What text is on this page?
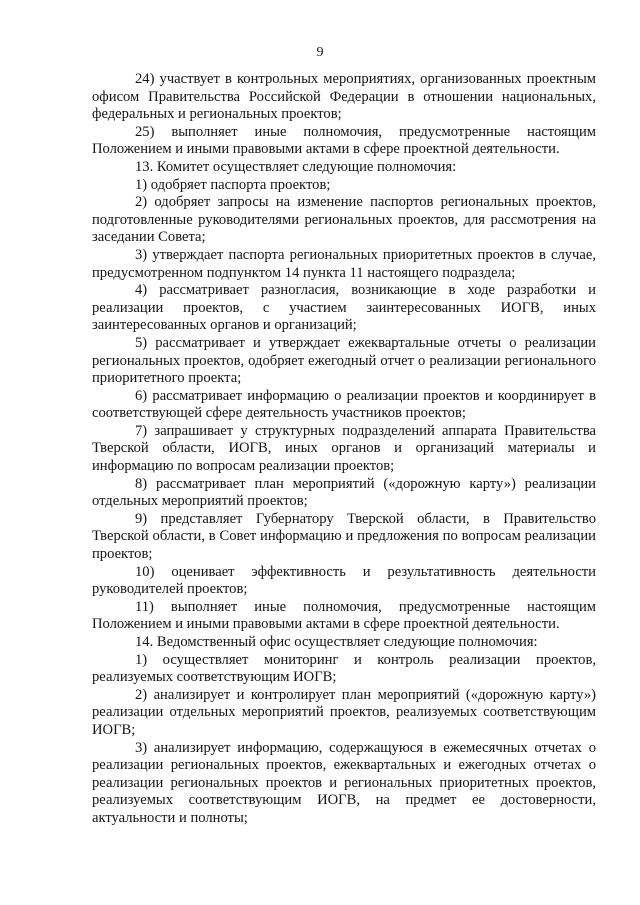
9

24) участвует в контрольных мероприятиях, организованных проектным офисом Правительства Российской Федерации в отношении национальных, федеральных и региональных проектов;

25) выполняет иные полномочия, предусмотренные настоящим Положением и иными правовыми актами в сфере проектной деятельности.

13. Комитет осуществляет следующие полномочия:

1) одобряет паспорта проектов;

2) одобряет запросы на изменение паспортов региональных проектов, подготовленные руководителями региональных проектов, для рассмотрения на заседании Совета;

3) утверждает паспорта региональных приоритетных проектов в случае, предусмотренном подпунктом 14 пункта 11 настоящего подраздела;

4) рассматривает разногласия, возникающие в ходе разработки и реализации проектов, с участием заинтересованных ИОГВ, иных заинтересованных органов и организаций;

5) рассматривает и утверждает ежеквартальные отчеты о реализации региональных проектов, одобряет ежегодный отчет о реализации регионального приоритетного проекта;

6) рассматривает информацию о реализации проектов и координирует в соответствующей сфере деятельность участников проектов;

7) запрашивает у структурных подразделений аппарата Правительства Тверской области, ИОГВ, иных органов и организаций материалы и информацию по вопросам реализации проектов;

8) рассматривает план мероприятий («дорожную карту») реализации отдельных мероприятий проектов;

9) представляет Губернатору Тверской области, в Правительство Тверской области, в Совет информацию и предложения по вопросам реализации проектов;

10) оценивает эффективность и результативность деятельности руководителей проектов;

11) выполняет иные полномочия, предусмотренные настоящим Положением и иными правовыми актами в сфере проектной деятельности.

14. Ведомственный офис осуществляет следующие полномочия:

1) осуществляет мониторинг и контроль реализации проектов, реализуемых соответствующим ИОГВ;

2) анализирует и контролирует план мероприятий («дорожную карту») реализации отдельных мероприятий проектов, реализуемых соответствующим ИОГВ;

3) анализирует информацию, содержащуюся в ежемесячных отчетах о реализации региональных проектов, ежеквартальных и ежегодных отчетах о реализации региональных проектов и региональных приоритетных проектов, реализуемых соответствующим ИОГВ, на предмет ее достоверности, актуальности и полноты;
